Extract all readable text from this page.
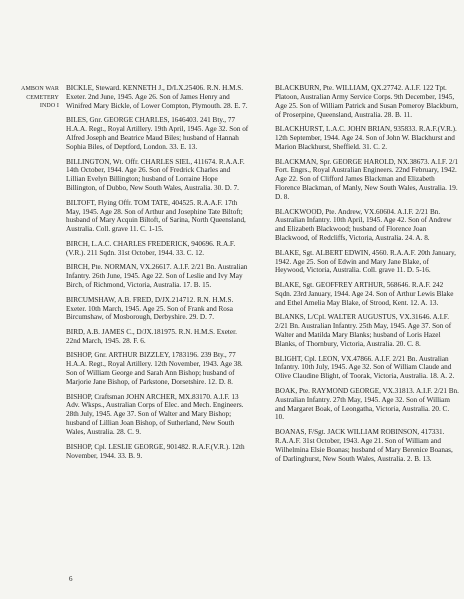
AMBON WAR
CEMETERY
INDO I
BICKLE, Steward. KENNETH J., D/LX.25406. R.N. H.M.S. Exeter. 2nd June, 1945. Age 26. Son of James Henry and Winifred Mary Bickle, of Lower Compton, Plymouth. 28. E. 7.
BILES, Gnr. GEORGE CHARLES, 1646403. 241 Bty., 77 H.A.A. Regt., Royal Artillery. 19th April, 1945. Age 32. Son of Alfred Joseph and Beatrice Maud Biles; husband of Hannah Sophia Biles, of Deptford, London. 33. E. 13.
BILLINGTON, Wt. Offr. CHARLES SIEL, 411674. R.A.A.F. 14th October, 1944. Age 26. Son of Fredrick Charles and Lillian Evelyn Billington; husband of Lorraine Hope Billington, of Dubbo, New South Wales, Australia. 30. D. 7.
BILTOFT, Flying Offr. TOM TATE, 404525. R.A.A.F. 17th May, 1945. Age 28. Son of Arthur and Josephine Tate Biltoft; husband of Mary Acquin Biltoft, of Sarina, North Queensland, Australia. Coll. grave 11. C. 1-15.
BIRCH, L.A.C. CHARLES FREDERICK, 940696. R.A.F.(V.R.). 211 Sqdn. 31st October, 1944. 33. C. 12.
BIRCH, Pte. NORMAN, VX.26617. A.I.F. 2/21 Bn. Australian Infantry. 26th June, 1945. Age 22. Son of Leslie and Ivy May Birch, of Richmond, Victoria, Australia. 17. B. 15.
BIRCUMSHAW, A.B. FRED, D/JX.214712. R.N. H.M.S. Exeter. 10th March, 1945. Age 25. Son of Frank and Rosa Bircumshaw, of Mosborough, Derbyshire. 29. D. 7.
BIRD, A.B. JAMES C., D/JX.181975. R.N. H.M.S. Exeter. 22nd March, 1945. 28. F. 6.
BISHOP, Gnr. ARTHUR BIZZLEY, 1783196. 239 Bty., 77 H.A.A. Regt., Royal Artillery. 12th November, 1943. Age 38. Son of William George and Sarah Ann Bishop; husband of Marjorie Jane Bishop, of Parkstone, Dorsetshire. 12. D. 8.
BISHOP, Craftsman JOHN ARCHER, MX.83170. A.I.F. 13 Adv. Wksps., Australian Corps of Elec. and Mech. Engineers. 28th July, 1945. Age 37. Son of Walter and Mary Bishop; husband of Lillian Joan Bishop, of Sutherland, New South Wales, Australia. 28. C. 9.
BISHOP, Cpl. LESLIE GEORGE, 901482. R.A.F.(V.R.). 12th November, 1944. 33. B. 9.
BLACKBURN, Pte. WILLIAM, QX.27742. A.I.F. 122 Tpt. Platoon, Australian Army Service Corps. 9th December, 1945, Age 25. Son of William Patrick and Susan Pomeroy Blackburn, of Proserpine, Queensland, Australia. 28. B. 11.
BLACKHURST, L.A.C. JOHN BRIAN, 935833. R.A.F.(V.R.). 12th September, 1944. Age 24. Son of John W. Blackhurst and Marion Blackhurst, Sheffield. 31. C. 2.
BLACKMAN, Spr. GEORGE HAROLD, NX.38673. A.I.F. 2/1 Fort. Engrs., Royal Australian Engineers. 22nd February, 1942. Age 22. Son of Clifford James Blackman and Elizabeth Florence Blackman, of Manly, New South Wales, Australia. 19. D. 8.
BLACKWOOD, Pte. Andrew, VX.60604. A.I.F. 2/21 Bn. Australian Infantry. 10th April, 1945. Age 42. Son of Andrew and Elizabeth Blackwood; husband of Florence Joan Blackwood, of Redcliffs, Victoria, Australia. 24. A. 8.
BLAKE, Sgt. ALBERT EDWIN, 4560. R.A.A.F. 20th January, 1942. Age 25. Son of Edwin and Mary Jane Blake, of Heywood, Victoria, Australia. Coll. grave 11. D. 5-16.
BLAKE, Sgt. GEOFFREY ARTHUR, 568646. R.A.F. 242 Sqdn. 23rd January, 1944. Age 24. Son of Arthur Lewis Blake and Ethel Amelia May Blake, of Strood, Kent. 12. A. 13.
BLANKS, L/Cpl. WALTER AUGUSTUS, VX.31646. A.I.F. 2/21 Bn. Australian Infantry. 25th May, 1945. Age 37. Son of Walter and Matilda Mary Blanks; husband of Loris Hazel Blanks, of Thornbury, Victoria, Australia. 20. C. 8.
BLIGHT, Cpl. LEON, VX.47866. A.I.F. 2/21 Bn. Australian Infantry. 10th July, 1945. Age 32. Son of William Claude and Olive Claudine Blight, of Toorak, Victoria, Australia. 18. A. 2.
BOAK, Pte. RAYMOND GEORGE, VX.31813. A.I.F. 2/21 Bn. Australian Infantry. 27th May, 1945. Age 32. Son of William and Margaret Boak, of Leongatha, Victoria, Australia. 20. C. 10.
BOANAS, F/Sgt. JACK WILLIAM ROBINSON, 417331. R.A.A.F. 31st October, 1943. Age 21. Son of William and Wilhelmina Elsie Boanas; husband of Mary Berenice Boanas, of Darlinghurst, New South Wales, Australia. 2. B. 13.
6
